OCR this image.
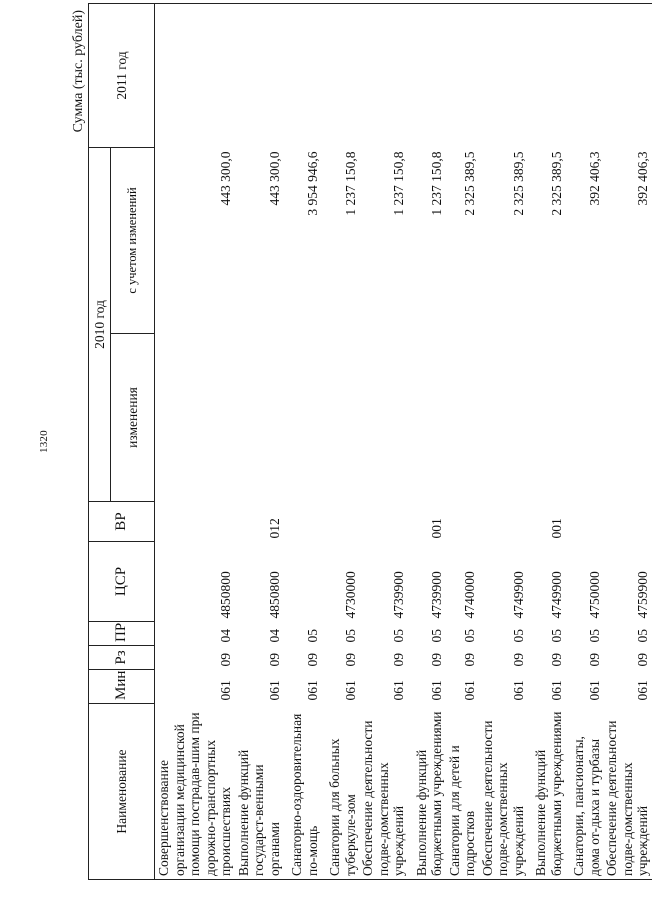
1320
Сумма (тыс. рублей)
Наименование	Мин	Рз	ПР	ЦСР	ВР	2010 год		2011 год
						изменения	с учетом изменений	
Совершенствование организации медицинской помощи пострадав-шим при дорожно-транспортных происшествиях	061	09	04	4850800			443 300,0	
Выполнение функций государст-венными органами	061	09	04	4850800	012		443 300,0	
Санаторно-оздоровительная по-мощь	061	09	05				3 954 946,6	
Санатории для больных туберкуле-зом	061	09	05	4730000			1 237 150,8	
Обеспечение деятельности подве-домственных учреждений	061	09	05	4739900			1 237 150,8	
Выполнение функций бюджетными учреждениями	061	09	05	4739900	001		1 237 150,8	
Санатории для детей и подростков	061	09	05	4740000			2 325 389,5	
Обеспечение деятельности подве-домственных учреждений	061	09	05	4749900			2 325 389,5	
Выполнение функций бюджетными учреждениями	061	09	05	4749900	001		2 325 389,5	
Санатории, пансионаты, дома от-дыха и турбазы	061	09	05	4750000			392 406,3	
Обеспечение деятельности подве-домственных учреждений	061	09	05	4759900			392 406,3	
